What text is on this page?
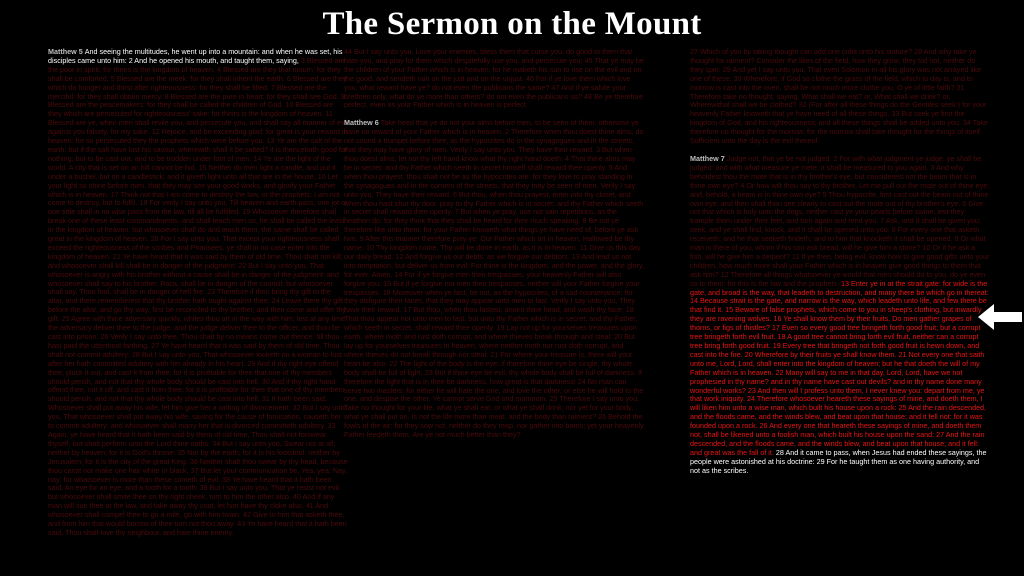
The Sermon on the Mount
Matthew 5 And seeing the multitudes, he went up into a mountain: and when he was set, his disciples came unto him: 2 And he opened his mouth, and taught them, saying, 3 Blessed are the poor in spirit: for theirs is the kingdom of heaven. 4 Blessed are they that mourn: for they shall be comforted. 5 Blessed are the meek: for they shall inherit the earth. 6 Blessed are they which do hunger and thirst after righteousness: for they shall be filled. 7 Blessed are the merciful: for they shall obtain mercy. 8 Blessed are the pure in heart: for they shall see God. 9 Blessed are the peacemakers: for they shall be called the children of God. 10 Blessed are they which are persecuted for righteousness' sake: for theirs is the kingdom of heaven. 11 Blessed are ye, when men shall revile you, and persecute you, and shall say all manner of evil against you falsely, for my sake. 12 Rejoice, and be exceeding glad: for great is your reward in heaven: for so persecuted they the prophets which were before you. 13 Ye are the salt of the earth: but if the salt have lost his savour, wherewith shall it be salted? it is thenceforth good for nothing, but to be cast out, and to be trodden under foot of men. 14 Ye are the light of the world. A city that is set on an hill cannot be hid. 15 Neither do men light a candle, and put it under a bushel, but on a candlestick; and it giveth light unto all that are in the house. 16 Let your light so shine before men, that they may see your good works, and glorify your Father which is in heaven. 17 Think not that I am come to destroy the law, or the prophets: I am not come to destroy, but to fulfil. 18 For verily I say unto you, Till heaven and earth pass, one jot or one tittle shall in no wise pass from the law, till all be fulfilled. 19 Whosoever therefore shall break one of these least commandments, and shall teach men so, he shall be called the least in the kingdom of heaven: but whosoever shall do and teach them, the same shall be called great in the kingdom of heaven. 20 For I say unto you, That except your righteousness shall exceed the righteousness of the scribes and Pharisees, ye shall in no case enter into the kingdom of heaven. 21 Ye have heard that it was said by them of old time, Thou shalt not kill; and whosoever shall kill shall be in danger of the judgment: 22 But I say unto you, That whosoever is angry with his brother without a cause shall be in danger of the judgment: and whosoever shall say to his brother, Raca, shall be in danger of the council: but whosoever shall say, Thou fool, shall be in danger of hell fire. 23 Therefore if thou bring thy gift to the altar, and there rememberest that thy brother hath ought against thee; 24 Leave there thy gift before the altar, and go thy way; first be reconciled to thy brother, and then come and offer thy gift. 25 Agree with thine adversary quickly, whiles thou art in the way with him; lest at any time the adversary deliver thee to the judge, and the judge deliver thee to the officer, and thou be cast into prison. 26 Verily I say unto thee, Thou shalt by no means come out thence, till thou hast paid the uttermost farthing. 27 Ye have heard that it was said by them of old time, Thou shalt not commit adultery: 28 But I say unto you, That whosoever looketh on a woman to lust after her hath committed adultery with her already in his heart. 29 And if thy right eye offend thee, pluck it out, and cast it from thee: for it is profitable for thee that one of thy members should perish, and not that thy whole body should be cast into hell. 30 And if thy right hand offend thee, cut it off, and cast it from thee: for it is profitable for thee that one of thy members should perish, and not that thy whole body should be cast into hell. 31 It hath been said, Whosoever shall put away his wife, let him give her a writing of divorcement: 32 But I say unto you, That whosoever shall put away his wife, saving for the cause of fornication, causeth her to commit adultery: and whosoever shall marry her that is divorced committeth adultery. 33 Again, ye have heard that it hath been said by them of old time, Thou shalt not forswear thyself, but shalt perform unto the Lord thine oaths: 34 But I say unto you, Swear not at all; neither by heaven; for it is God's throne: 35 Nor by the earth; for it is his footstool: neither by Jerusalem; for it is the city of the great King. 36 Neither shalt thou swear by thy head, because thou canst not make one hair white or black. 37 But let your communication be, Yea, yea; Nay, nay: for whatsoever is more than these cometh of evil. 38 Ye have heard that it hath been said, An eye for an eye, and a tooth for a tooth: 39 But I say unto you, That ye resist not evil: but whosoever shall smite thee on thy right cheek, turn to him the other also. 40 And if any man will sue thee at the law, and take away thy coat, let him have thy cloke also. 41 And whosoever shall compel thee to go a mile, go with him twain. 42 Give to him that asketh thee, and from him that would borrow of thee turn not thou away. 43 Ye have heard that it hath been said, Thou shalt love thy neighbour, and hate thine enemy.
44 But I say unto you, Love your enemies, bless them that curse you, do good to them that hate you, and pray for them which despitefully use you, and persecute you; 45 That ye may be the children of your Father which is in heaven: for he maketh his sun to rise on the evil and on the good, and sendeth rain on the just and on the unjust. 46 For if ye love them which love you, what reward have ye? do not even the publicans the same? 47 And if ye salute your brethren only, what do ye more than others? do not even the publicans so? 48 Be ye therefore perfect, even as your Father which is in heaven is perfect.
Matthew 6 Take heed that ye do not your alms before men, to be seen of them: otherwise ye have no reward of your Father which is in heaven. 2 Therefore when thou doest thine alms, do not sound a trumpet before thee, as the hypocrites do in the synagogues and in the streets, that they may have glory of men. Verily I say unto you, They have their reward. 3 But when thou doest alms, let not thy left hand know what thy right hand doeth: 4 That thine alms may be in secret: and thy Father which seeth in secret himself shall reward thee openly. 5 And when thou prayest, thou shalt not be as the hypocrites are: for they love to pray standing in the synagogues and in the corners of the streets, that they may be seen of men. Verily I say unto you, They have their reward. 6 But thou, when thou prayest, enter into thy closet, and when thou hast shut thy door, pray to thy Father which is in secret; and thy Father which seeth in secret shall reward thee openly. 7 But when ye pray, use not vain repetitions, as the heathen do: for they think that they shall be heard for their much speaking. 8 Be not ye therefore like unto them: for your Father knoweth what things ye have need of, before ye ask him. 9 After this manner therefore pray ye: Our Father which art in heaven, Hallowed be thy name. 10 Thy kingdom come, Thy will be done in earth, as it is in heaven. 11 Give us this day our daily bread. 12 And forgive us our debts, as we forgive our debtors. 13 And lead us not into temptation, but deliver us from evil: For thine is the kingdom, and the power, and the glory, for ever. Amen. 14 For if ye forgive men their trespasses, your heavenly Father will also forgive you: 15 But if ye forgive not men their trespasses, neither will your Father forgive your trespasses. 16 Moreover when ye fast, be not, as the hypocrites, of a sad countenance: for they disfigure their faces, that they may appear unto men to fast. Verily I say unto you, They have their reward. 17 But thou, when thou fastest, anoint thine head, and wash thy face; 18 That thou appear not unto men to fast, but unto thy Father which is in secret: and thy Father, which seeth in secret, shall reward thee openly. 19 Lay not up for yourselves treasures upon earth, where moth and rust doth corrupt, and where thieves break through and steal: 20 But lay up for yourselves treasures in heaven, where neither moth nor rust doth corrupt, and where thieves do not break through nor steal: 21 For where your treasure is, there will your heart be also. 22 The light of the body is the eye: if therefore thine eye be single, thy whole body shall be full of light. 23 But if thine eye be evil, thy whole body shall be full of darkness. If therefore the light that is in thee be darkness, how great is that darkness! 24 No man can serve two masters: for either he will hate the one, and love the other; or else he will hold to the one, and despise the other. Ye cannot serve God and mammon. 25 Therefore I say unto you, Take no thought for your life, what ye shall eat, or what ye shall drink; nor yet for your body, what ye shall put on. Is not the life more than meat, and the body than raiment? 26 Behold the fowls of the air: for they sow not, neither do they reap, nor gather into barns; yet your heavenly Father feedeth them. Are ye not much better than they?
27 Which of you by taking thought can add one cubit unto his stature? 28 And why take ye thought for raiment? Consider the lilies of the field, how they grow; they toil not, neither do they spin: 29 And yet I say unto you, That even Solomon in all his glory was not arrayed like one of these. 30 Wherefore, if God so clothe the grass of the field, which to day is, and to morrow is cast into the oven, shall he not much more clothe you, O ye of little faith? 31 Therefore take no thought, saying, What shall we eat? or, What shall we drink? or, Wherewithal shall we be clothed? 32 (For after all these things do the Gentiles seek:) for your heavenly Father knoweth that ye have need of all these things. 33 But seek ye first the kingdom of God, and his righteousness; and all these things shall be added unto you. 34 Take therefore no thought for the morrow: for the morrow shall take thought for the things of itself. Sufficient unto the day is the evil thereof.
Matthew 7 Judge not, that ye be not judged. 2 For with what judgment ye judge, ye shall be judged: and with what measure ye mete, it shall be measured to you again. 3 And why beholdest thou the mote that is in thy brother's eye, but considerest not the beam that is in thine own eye? 4 Or how wilt thou say to thy brother, Let me pull out the mote out of thine eye; and, behold, a beam is in thine own eye? 5 Thou hypocrite, first cast out the beam out of thine own eye; and then shalt thou see clearly to cast out the mote out of thy brother's eye. 6 Give not that which is holy unto the dogs, neither cast ye your pearls before swine, lest they trample them under their feet, and turn again and rend you. 7 Ask, and it shall be given you; seek, and ye shall find; knock, and it shall be opened unto you: 8 For every one that asketh receiveth; and he that seeketh findeth; and to him that knocketh it shall be opened. 9 Or what man is there of you, whom if his son ask bread, will he give him a stone? 10 Or if he ask a fish, will he give him a serpent? 11 If ye then, being evil, know how to give good gifts unto your children, how much more shall your Father which is in heaven give good things to them that ask him? 12 Therefore all things whatsoever ye would that men should do to you, do ye even so to them: for this is the law and the prophets. 13 Enter ye in at the strait gate: for wide is the gate, and broad is the way, that leadeth to destruction, and many there be which go in thereat: 14 Because strait is the gate, and narrow is the way, which leadeth unto life, and few there be that find it. 15 Beware of false prophets, which come to you in sheep's clothing, but inwardly they are ravening wolves. 16 Ye shall know them by their fruits. Do men gather grapes of thorns, or figs of thistles? 17 Even so every good tree bringeth forth good fruit; but a corrupt tree bringeth forth evil fruit. 18 A good tree cannot bring forth evil fruit, neither can a corrupt tree bring forth good fruit. 19 Every tree that bringeth not forth good fruit is hewn down, and cast into the fire. 20 Wherefore by their fruits ye shall know them. 21 Not every one that saith unto me, Lord, Lord, shall enter into the kingdom of heaven; but he that doeth the will of my Father which is in heaven. 22 Many will say to me in that day, Lord, Lord, have we not prophesied in thy name? and in thy name have cast out devils? and in thy name done many wonderful works? 23 And then will I profess unto them, I never knew you: depart from me, ye that work iniquity. 24 Therefore whosoever heareth these sayings of mine, and doeth them, I will liken him unto a wise man, which built his house upon a rock: 25 And the rain descended, and the floods came, and the winds blew, and beat upon that house; and it fell not: for it was founded upon a rock. 26 And every one that heareth these sayings of mine, and doeth them not, shall be likened unto a foolish man, which built his house upon the sand: 27 And the rain descended, and the floods came, and the winds blew, and beat upon that house; and it fell: and great was the fall of it. 28 And it came to pass, when Jesus had ended these sayings, the people were astonished at his doctrine: 29 For he taught them as one having authority, and not as the scribes.
